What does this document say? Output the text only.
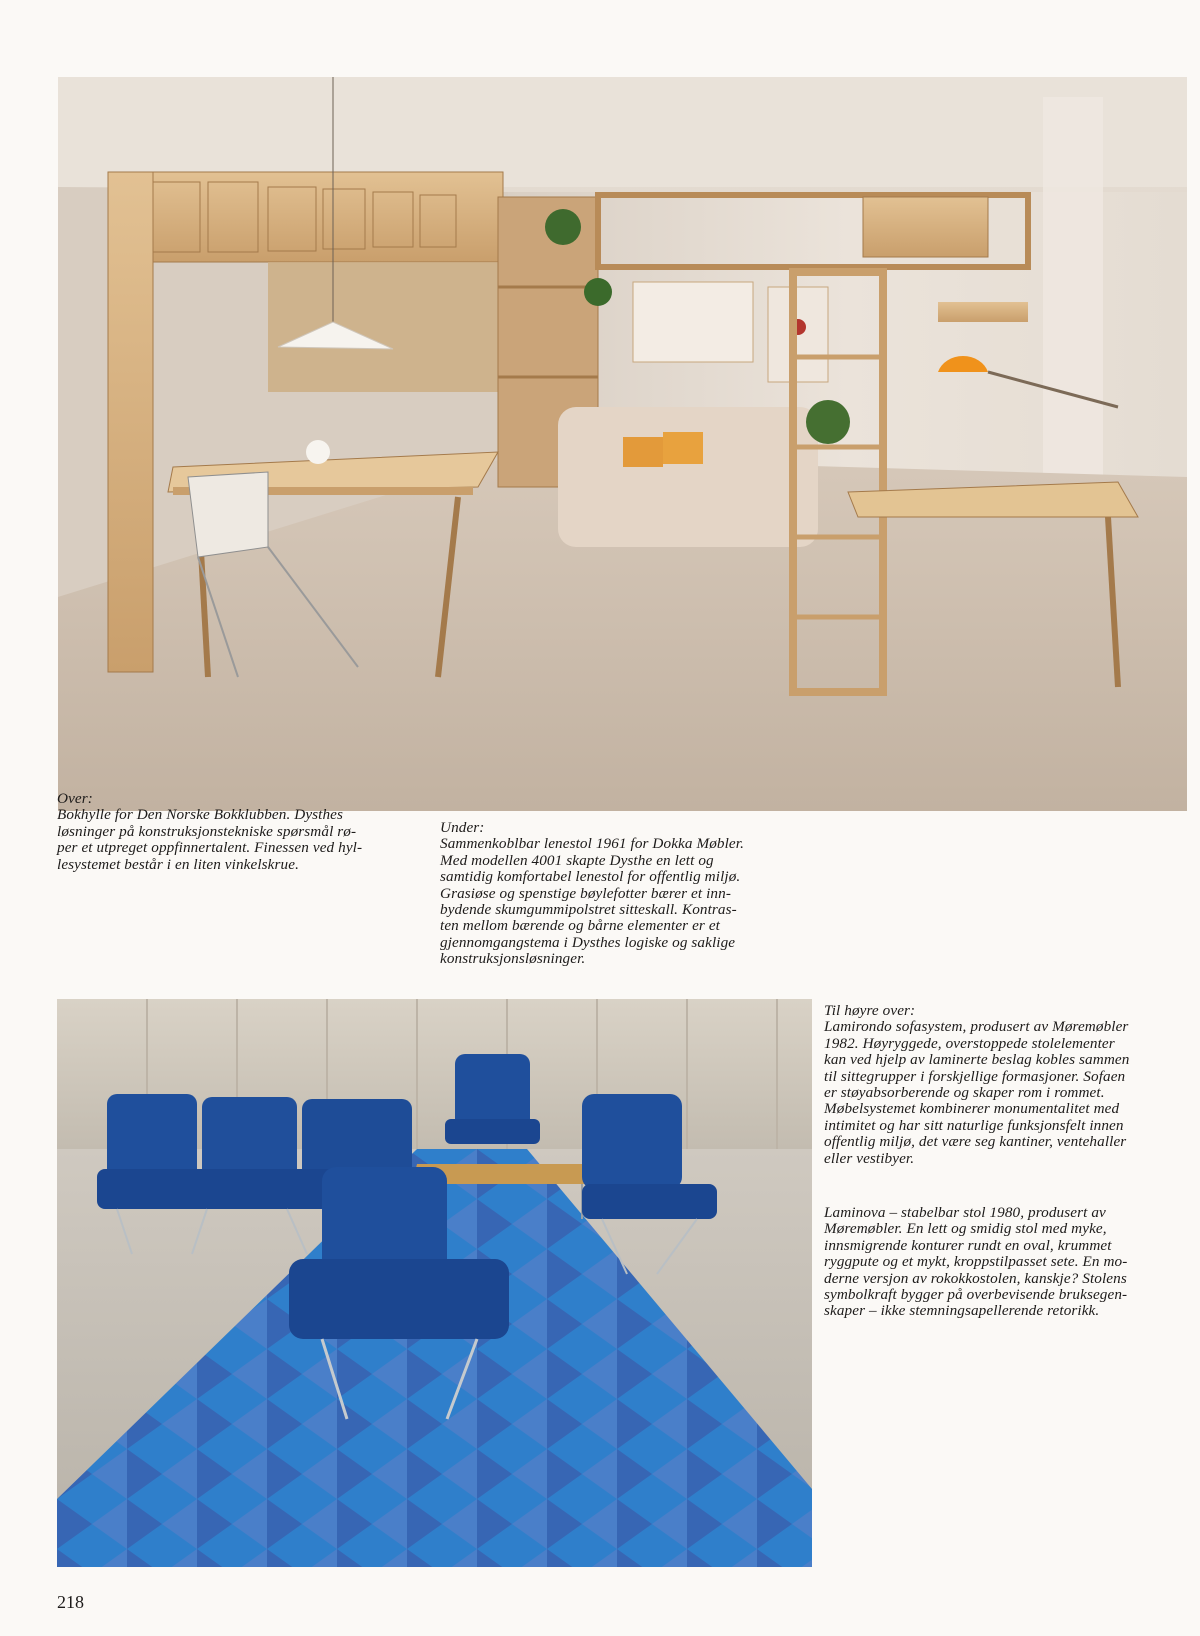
Over:
Bokhylle for Den Norske Bokklubben. Dysthes
løsninger på konstruksjonstekniske spørsmål rø-
per et utpreget oppfinnertalent. Finessen ved hyl-
lesystemet består i en liten vinkelskrue.
Under:
Sammenkoblbar lenestol 1961 for Dokka Møbler.
Med modellen 4001 skapte Dysthe en lett og
samtidig komfortabel lenestol for offentlig miljø.
Grasiøse og spenstige bøylefotter bærer et inn-
bydende skumgummipolstret sitteskall. Kontras-
ten mellom bærende og bårne elementer er et
gjennomgangstema i Dysthes logiske og saklige
konstruksjonsløsninger.
Til høyre over:
Lamirondo sofasystem, produsert av Møremøbler
1982. Høyryggede, overstoppede stolelementer
kan ved hjelp av laminerte beslag kobles sammen
til sittegrupper i forskjellige formasjoner. Sofaen
er støyabsorberende og skaper rom i rommet.
Møbelsystemet kombinerer monumentalitet med
intimitet og har sitt naturlige funksjonsfelt innen
offentlig miljø, det være seg kantiner, ventehaller
eller vestibyer.
Laminova – stabelbar stol 1980, produsert av
Møremøbler. En lett og smidig stol med myke,
innsmigrende konturer rundt en oval, krummet
ryggpute og et mykt, kroppstilpasset sete. En mo-
derne versjon av rokokkostolen, kanskje? Stolens
symbolkraft bygger på overbevisende bruksegen-
skaper – ikke stemningsapellerende retorikk.
218
